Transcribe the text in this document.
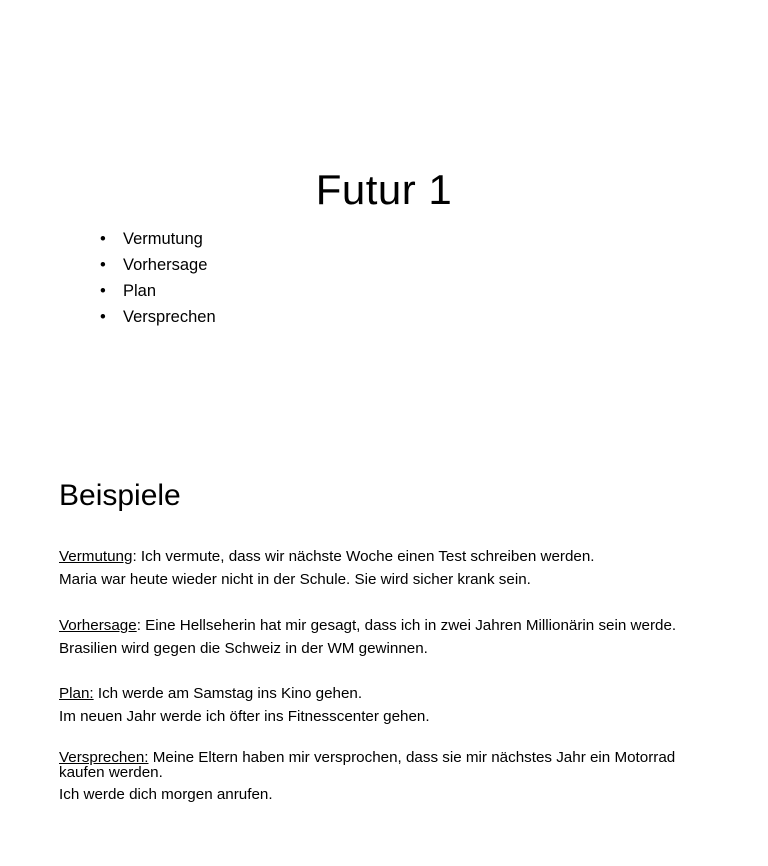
Futur 1
• Vermutung
• Vorhersage
• Plan
• Versprechen
Beispiele
Vermutung: Ich vermute, dass wir nächste Woche einen Test schreiben werden.
Maria war heute wieder nicht in der Schule. Sie wird sicher krank sein.
Vorhersage: Eine Hellseherin hat mir gesagt, dass ich in zwei Jahren Millionärin sein werde.
Brasilien wird gegen die Schweiz in der WM gewinnen.
Plan: Ich werde am Samstag ins Kino gehen.
Im neuen Jahr werde ich öfter ins Fitnesscenter gehen.
Versprechen: Meine Eltern haben mir versprochen, dass sie mir nächstes Jahr ein Motorrad kaufen werden.
Ich werde dich morgen anrufen.
